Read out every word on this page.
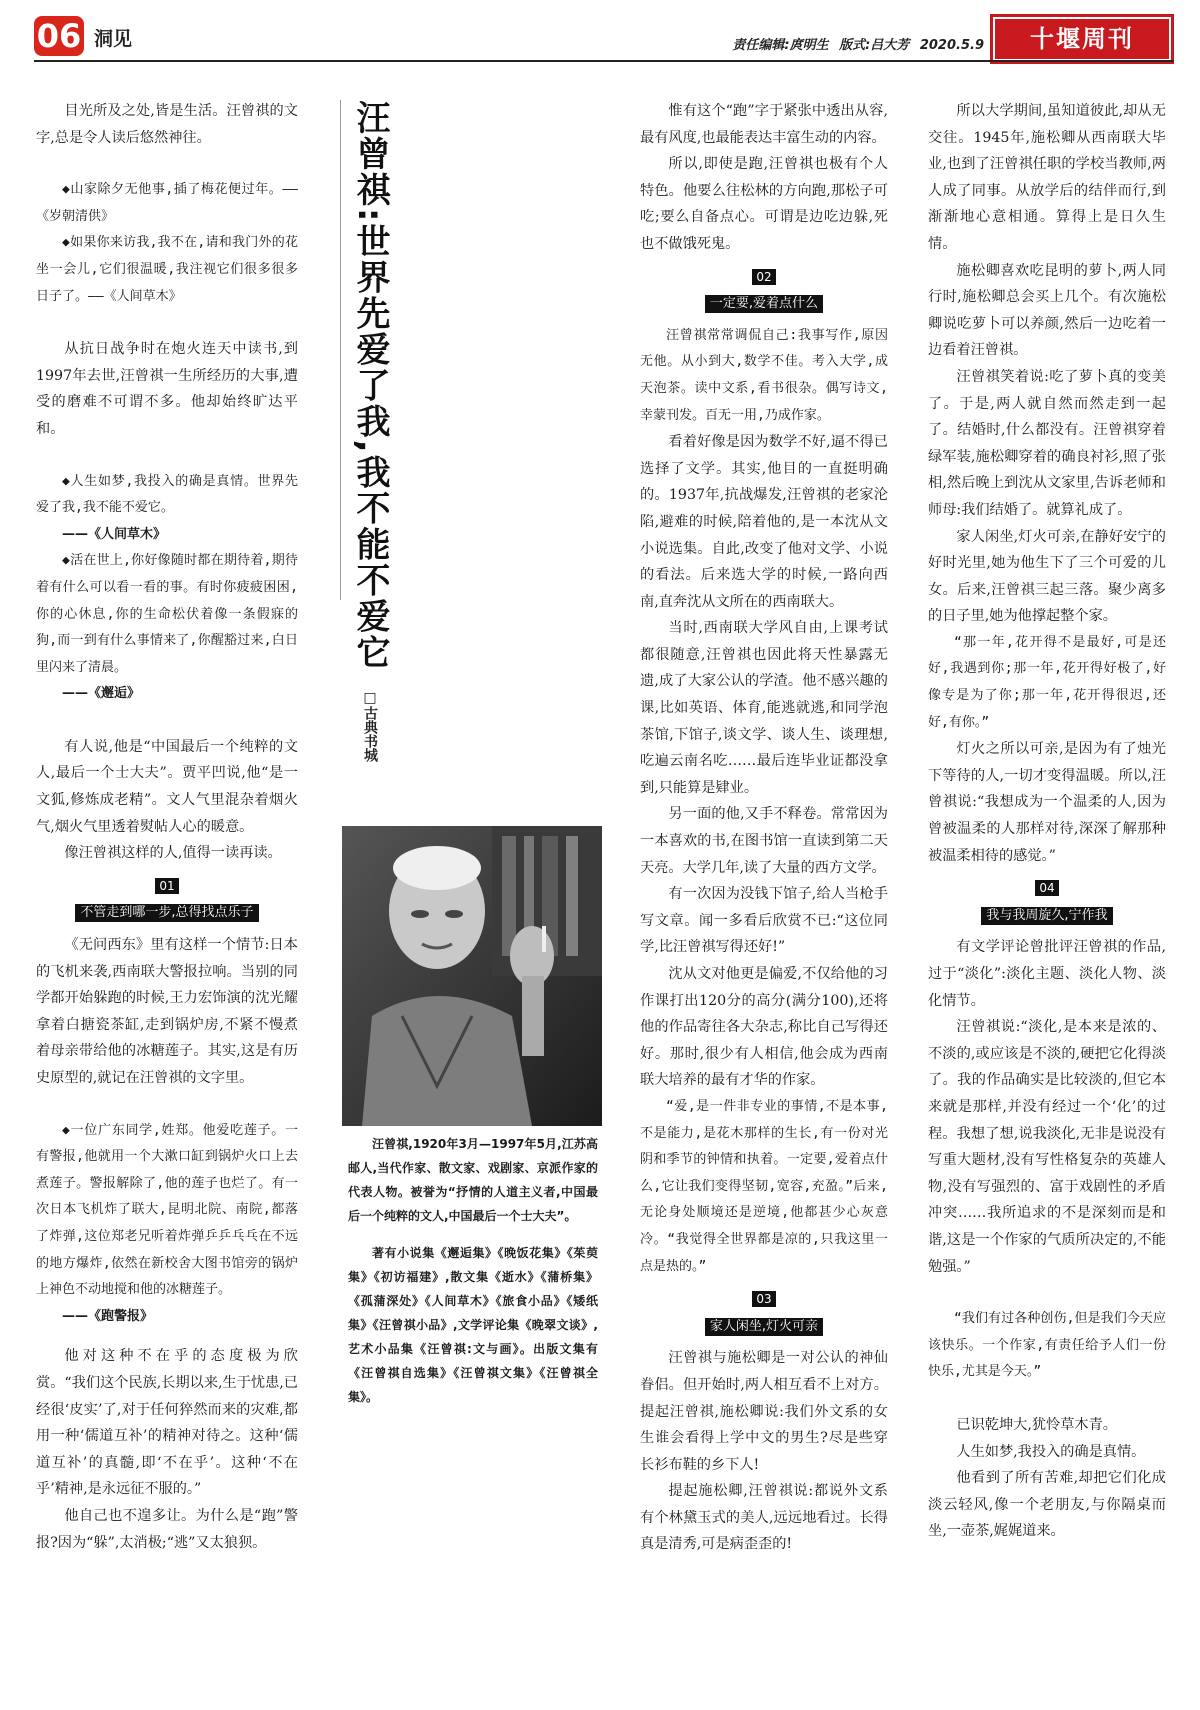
06 洞见	责任编辑:庹明生 版式:吕大芳 2020.5.9	十堰周刊

目光所及之处,皆是生活。汪曾祺的文字,总是令人读后悠然神往。

◆山家除夕无他事,插了梅花便过年。——《岁朝清供》

◆如果你来访我,我不在,请和我门外的花坐一会儿,它们很温暖,我注视它们很多很多日子了。——《人间草木》

从抗日战争时在炮火连天中读书,到1997年去世,汪曾祺一生所经历的大事,遭受的磨难不可谓不多。他却始终旷达平和。

◆人生如梦,我投入的确是真情。世界先爱了我,我不能不爱它。

——《人间草木》

◆活在世上,你好像随时都在期待着,期待着有什么可以看一看的事。有时你疲疲困困,你的心休息,你的生命松伏着像一条假寐的狗,而一到有什么事情来了,你醒豁过来,白日里闪来了清晨。

——《邂逅》

有人说,他是“中国最后一个纯粹的文人,最后一个士大夫”。贾平凹说,他“是一文狐,修炼成老精”。文人气里混杂着烟火气,烟火气里透着熨帖人心的暖意。

像汪曾祺这样的人,值得一读再读。

01
不管走到哪一步,总得找点乐子

《无问西东》里有这样一个情节:日本的飞机来袭,西南联大警报拉响。当别的同学都开始躲跑的时候,王力宏饰演的沈光耀拿着白搪瓷茶缸,走到锅炉房,不紧不慢煮着母亲带给他的冰糖莲子。其实,这是有历史原型的,就记在汪曾祺的文字里。

◆一位广东同学,姓郑。他爱吃莲子。一有警报,他就用一个大漱口缸到锅炉火口上去煮莲子。警报解除了,他的莲子也烂了。有一次日本飞机炸了联大,昆明北院、南院,都落了炸弹,这位郑老兄听着炸弹乒乒乓乓在不远的地方爆炸,依然在新校舍大图书馆旁的锅炉上神色不动地搅和他的冰糖莲子。

——《跑警报》

他对这种不在乎的态度极为欣赏。“我们这个民族,长期以来,生于忧患,已经很‘皮实’了,对于任何猝然而来的灾难,都用一种‘儒道互补’的精神对待之。这种‘儒道互补’的真髓,即‘不在乎’。这种‘不在乎’精神,是永远征不服的。”

他自己也不遑多让。为什么是“跑”警报?因为“躲”,太消极;“逃”又太狼狈。

汪曾祺:世界先爱了我,我不能不爱它
□古典书城

汪曾祺,1920年3月—1997年5月,江苏高邮人,当代作家、散文家、戏剧家、京派作家的代表人物。被誉为“抒情的人道主义者,中国最后一个纯粹的文人,中国最后一个士大夫”。

著有小说集《邂逅集》《晚饭花集》《茱萸集》《初访福建》,散文集《逝水》《蒲桥集》《孤蒲深处》《人间草木》《旅食小品》《矮纸集》《汪曾祺小品》,文学评论集《晚翠文谈》,艺术小品集《汪曾祺:文与画》。出版文集有《汪曾祺自选集》《汪曾祺文集》《汪曾祺全集》。

惟有这个“跑”字于紧张中透出从容,最有风度,也最能表达丰富生动的内容。

所以,即使是跑,汪曾祺也极有个人特色。他要么往松林的方向跑,那松子可吃;要么自备点心。可谓是边吃边躲,死也不做饿死鬼。

02
一定要,爱着点什么

汪曾祺常常调侃自己:我事写作,原因无他。从小到大,数学不佳。考入大学,成天泡茶。读中文系,看书很杂。偶写诗文,幸蒙刊发。百无一用,乃成作家。

看着好像是因为数学不好,逼不得已选择了文学。其实,他目的一直挺明确的。1937年,抗战爆发,汪曾祺的老家沦陷,避难的时候,陪着他的,是一本沈从文小说选集。自此,改变了他对文学、小说的看法。后来选大学的时候,一路向西南,直奔沈从文所在的西南联大。

当时,西南联大学风自由,上课考试都很随意,汪曾祺也因此将天性暴露无遗,成了大家公认的学渣。他不感兴趣的课,比如英语、体育,能逃就逃,和同学泡茶馆,下馆子,谈文学、谈人生、谈理想,吃遍云南名吃……最后连毕业证都没拿到,只能算是肄业。

另一面的他,又手不释卷。常常因为一本喜欢的书,在图书馆一直读到第二天天亮。大学几年,读了大量的西方文学。

有一次因为没钱下馆子,给人当枪手写文章。闻一多看后欣赏不已:“这位同学,比汪曾祺写得还好!”

沈从文对他更是偏爱,不仅给他的习作课打出120分的高分(满分100),还将他的作品寄往各大杂志,称比自己写得还好。那时,很少有人相信,他会成为西南联大培养的最有才华的作家。

“爱,是一件非专业的事情,不是本事,不是能力,是花木那样的生长,有一份对光阴和季节的钟情和执着。一定要,爱着点什么,它让我们变得坚韧,宽容,充盈。”后来,无论身处顺境还是逆境,他都甚少心灰意冷。“我觉得全世界都是凉的,只我这里一点是热的。”

03
家人闲坐,灯火可亲

汪曾祺与施松卿是一对公认的神仙眷侣。但开始时,两人相互看不上对方。提起汪曾祺,施松卿说:我们外文系的女生谁会看得上学中文的男生?尽是些穿长衫布鞋的乡下人!

提起施松卿,汪曾祺说:都说外文系有个林黛玉式的美人,远远地看过。长得真是清秀,可是病歪歪的!

所以大学期间,虽知道彼此,却从无交往。1945年,施松卿从西南联大毕业,也到了汪曾祺任职的学校当教师,两人成了同事。从放学后的结伴而行,到渐渐地心意相通。算得上是日久生情。

施松卿喜欢吃昆明的萝卜,两人同行时,施松卿总会买上几个。有次施松卿说吃萝卜可以养颜,然后一边吃着一边看着汪曾祺。

汪曾祺笑着说:吃了萝卜真的变美了。于是,两人就自然而然走到一起了。结婚时,什么都没有。汪曾祺穿着绿军装,施松卿穿着的确良衬衫,照了张相,然后晚上到沈从文家里,告诉老师和师母:我们结婚了。就算礼成了。

家人闲坐,灯火可亲,在静好安宁的好时光里,她为他生下了三个可爱的儿女。后来,汪曾祺三起三落。聚少离多的日子里,她为他撑起整个家。

“那一年,花开得不是最好,可是还好,我遇到你;那一年,花开得好极了,好像专是为了你;那一年,花开得很迟,还好,有你。”

灯火之所以可亲,是因为有了烛光下等待的人,一切才变得温暖。所以,汪曾祺说:“我想成为一个温柔的人,因为曾被温柔的人那样对待,深深了解那种被温柔相待的感觉。”

04
我与我周旋久,宁作我

有文学评论曾批评汪曾祺的作品,过于“淡化”:淡化主题、淡化人物、淡化情节。

汪曾祺说:“淡化,是本来是浓的、不淡的,或应该是不淡的,硬把它化得淡了。我的作品确实是比较淡的,但它本来就是那样,并没有经过一个‘化’的过程。我想了想,说我淡化,无非是说没有写重大题材,没有写性格复杂的英雄人物,没有写强烈的、富于戏剧性的矛盾冲突……我所追求的不是深刻而是和谐,这是一个作家的气质所决定的,不能勉强。”

“我们有过各种创伤,但是我们今天应该快乐。一个作家,有责任给予人们一份快乐,尤其是今天。”

已识乾坤大,犹怜草木青。

人生如梦,我投入的确是真情。

他看到了所有苦难,却把它们化成淡云轻风,像一个老朋友,与你隔桌而坐,一壶茶,娓娓道来。
